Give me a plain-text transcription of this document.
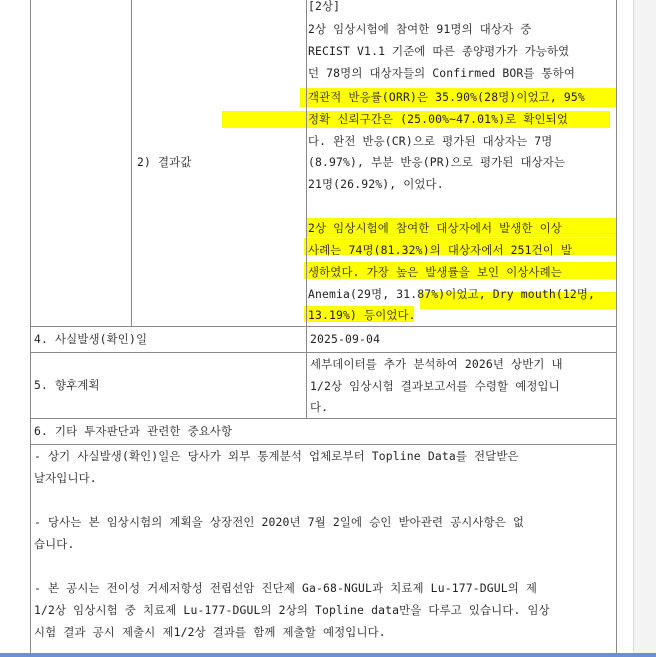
[2상]
2상 임상시험에 참여한 91명의 대상자 중
RECIST V1.1 기준에 따른 종양평가가 가능하였
던 78명의 대상자들의 Confirmed BOR를 통하여
객관적 반응률(ORR)은 35.90%(28명)이었고, 95%
정확 신뢰구간은 (25.00%~47.01%)로 확인되었
다. 완전 반응(CR)으로 평가된 대상자는 7명
(8.97%), 부분 반응(PR)으로 평가된 대상자는
21명(26.92%), 이었다.
2상 임상시험에 참여한 대상자에서 발생한 이상
사례는 74명(81.32%)의 대상자에서 251건이 발
생하였다. 가장 높은 발생률을 보인 이상사례는
Anemia(29명, 31.87%)이었고, Dry mouth(12명,
13.19%) 등이었다.
2) 결과값
4. 사실발생(확인)일	2025-09-04
5. 향후계획
세부데이터를 추가 분석하여 2026년 상반기 내
1/2상 임상시험 결과보고서를 수령할 예정입니
다.
6. 기타 투자판단과 관련한 중요사항
- 상기 사실발생(확인)일은 당사가 외부 통계분석 업체로부터 Topline Data를 전달받은
날자입니다.
- 당사는 본 임상시험의 계획을 상장전인 2020년 7월 2일에 승인 받아관련 공시사항은 없
습니다.
- 본 공시는 전이성 거세저항성 전립선암 진단제 Ga-68-NGUL과 치료제 Lu-177-DGUL의 제
1/2상 임상시험 중 치료제 Lu-177-DGUL의 2상의 Topline data만을 다루고 있습니다. 임상
시험 결과 공시 제출시 제1/2상 결과를 함께 제출할 예정입니다.
